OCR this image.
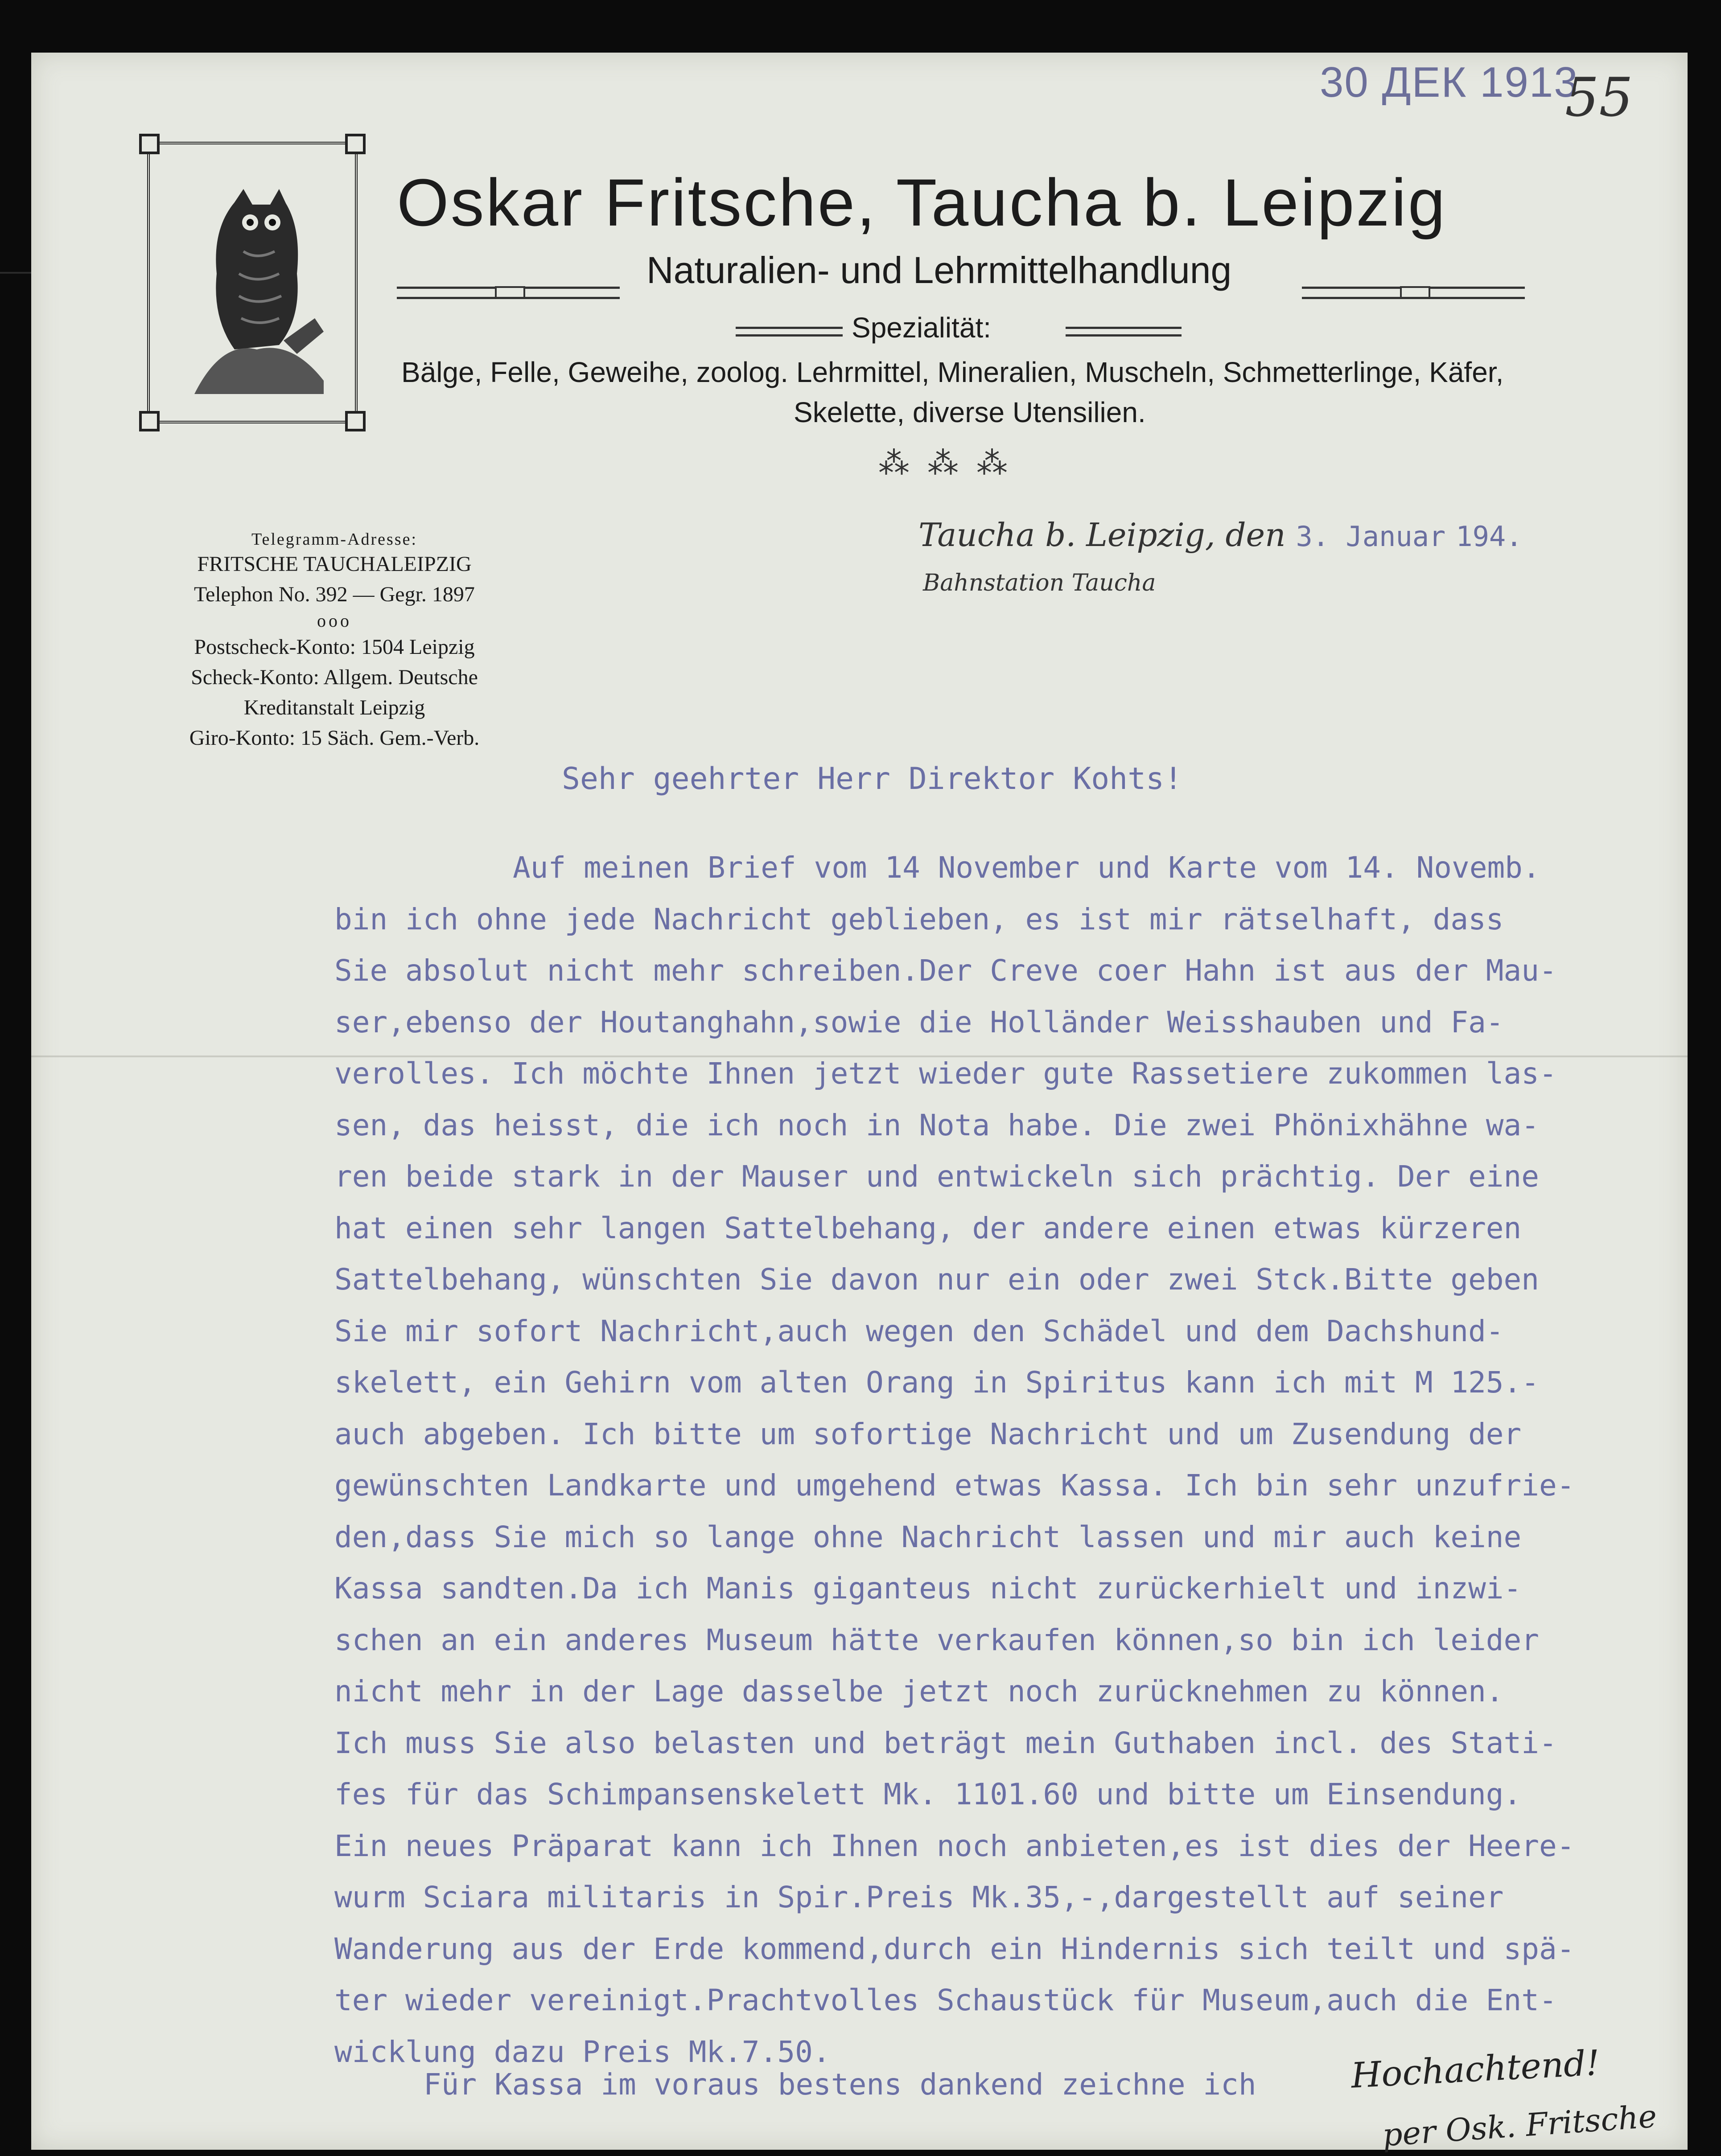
Oskar Fritsche, Taucha b. Leipzig
Naturalien- und Lehrmittelhandlung
Spezialität:
Bälge, Felle, Geweihe, zoolog. Lehrmittel, Mineralien, Muscheln, Schmetterlinge, Käfer,
Skelette, diverse Utensilien.
⁂⁂⁂
Telegramm-Adresse:
FRITSCHE TAUCHALEIPZIG
Telephon No. 392 — Gegr. 1897
ooo
Postscheck-Konto: 1504 Leipzig
Scheck-Konto: Allgem. Deutsche
Kreditanstalt Leipzig
Giro-Konto: 15 Säch. Gem.-Verb.
Taucha b. Leipzig, den 3. Januar 194.
Bahnstation Taucha
Sehr geehrter Herr Direktor Kohts!
Auf meinen Brief vom 14 November und Karte vom 14. Novemb.
bin ich ohne jede Nachricht geblieben, es ist mir rätselhaft, dass
Sie absolut nicht mehr schreiben.Der Creve coer Hahn ist aus der Mau-
ser,ebenso der Houtanghahn,sowie die Holländer Weisshauben und Fa-
verolles. Ich möchte Ihnen jetzt wieder gute Rassetiere zukommen las-
sen, das heisst, die ich noch in Nota habe. Die zwei Phönixhähne wa-
ren beide stark in der Mauser und entwickeln sich prächtig. Der eine
hat einen sehr langen Sattelbehang, der andere einen etwas kürzeren
Sattelbehang, wünschten Sie davon nur ein oder zwei Stck.Bitte geben
Sie mir sofort Nachricht,auch wegen den Schädel und dem Dachshund-
skelett, ein Gehirn vom alten Orang in Spiritus kann ich mit M 125.-
auch abgeben. Ich bitte um sofortige Nachricht und um Zusendung der
gewünschten Landkarte und umgehend etwas Kassa. Ich bin sehr unzufrie-
den,dass Sie mich so lange ohne Nachricht lassen und mir auch keine
Kassa sandten.Da ich Manis giganteus nicht zurückerhielt und inzwi-
schen an ein anderes Museum hätte verkaufen können,so bin ich leider
nicht mehr in der Lage dasselbe jetzt noch zurücknehmen zu können.
Ich muss Sie also belasten und beträgt mein Guthaben incl. des Stati-
fes für das Schimpansenskelett Mk. 1101.60 und bitte um Einsendung.
Ein neues Präparat kann ich Ihnen noch anbieten,es ist dies der Heere-
wurm Sciara militaris in Spir.Preis Mk.35,-,dargestellt auf seiner
Wanderung aus der Erde kommend,durch ein Hindernis sich teilt und spä-
ter wieder vereinigt.Prachtvolles Schaustück für Museum,auch die Ent-
wicklung dazu Preis Mk.7.50.
Für Kassa im voraus bestens dankend zeichne ich	Hochachtend!
per Osk. Fritsche
30 ДЕК 1913
55
